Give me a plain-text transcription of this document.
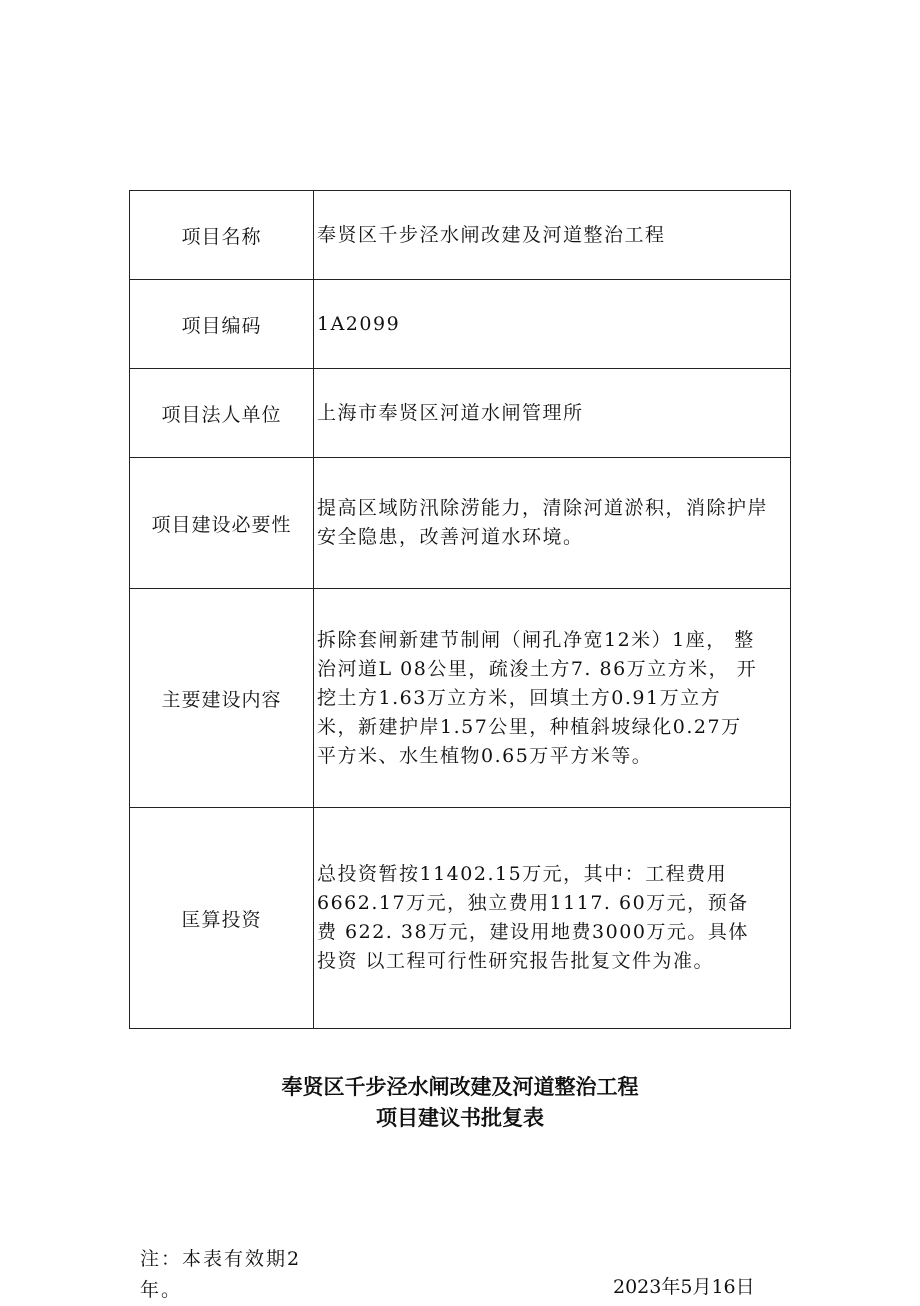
项目名称	奉贤区千步泾水闸改建及河道整治工程
项目编码	1A2099
项目法人单位	上海市奉贤区河道水闸管理所
项目建设必要性	提高区域防汛除涝能力，清除河道淤积，消除护岸安全隐患，改善河道水环境。
主要建设内容	拆除套闸新建节制闸（闸孔净宽12米）1座， 整治河道L 08公里，疏浚土方7. 86万立方米， 开挖土方1.63万立方米，回填土方0.91万立方 米，新建护岸1.57公里，种植斜坡绿化0.27万 平方米、水生植物0.65万平方米等。
匡算投资	总投资暂按11402.15万元，其中：工程费用 6662.17万元，独立费用1117. 60万元，预备费 622. 38万元，建设用地费3000万元。具体投资 以工程可行性研究报告批复文件为准。
奉贤区千步泾水闸改建及河道整治工程
项目建议书批复表
注：本表有效期2年。	2023年5月16日
